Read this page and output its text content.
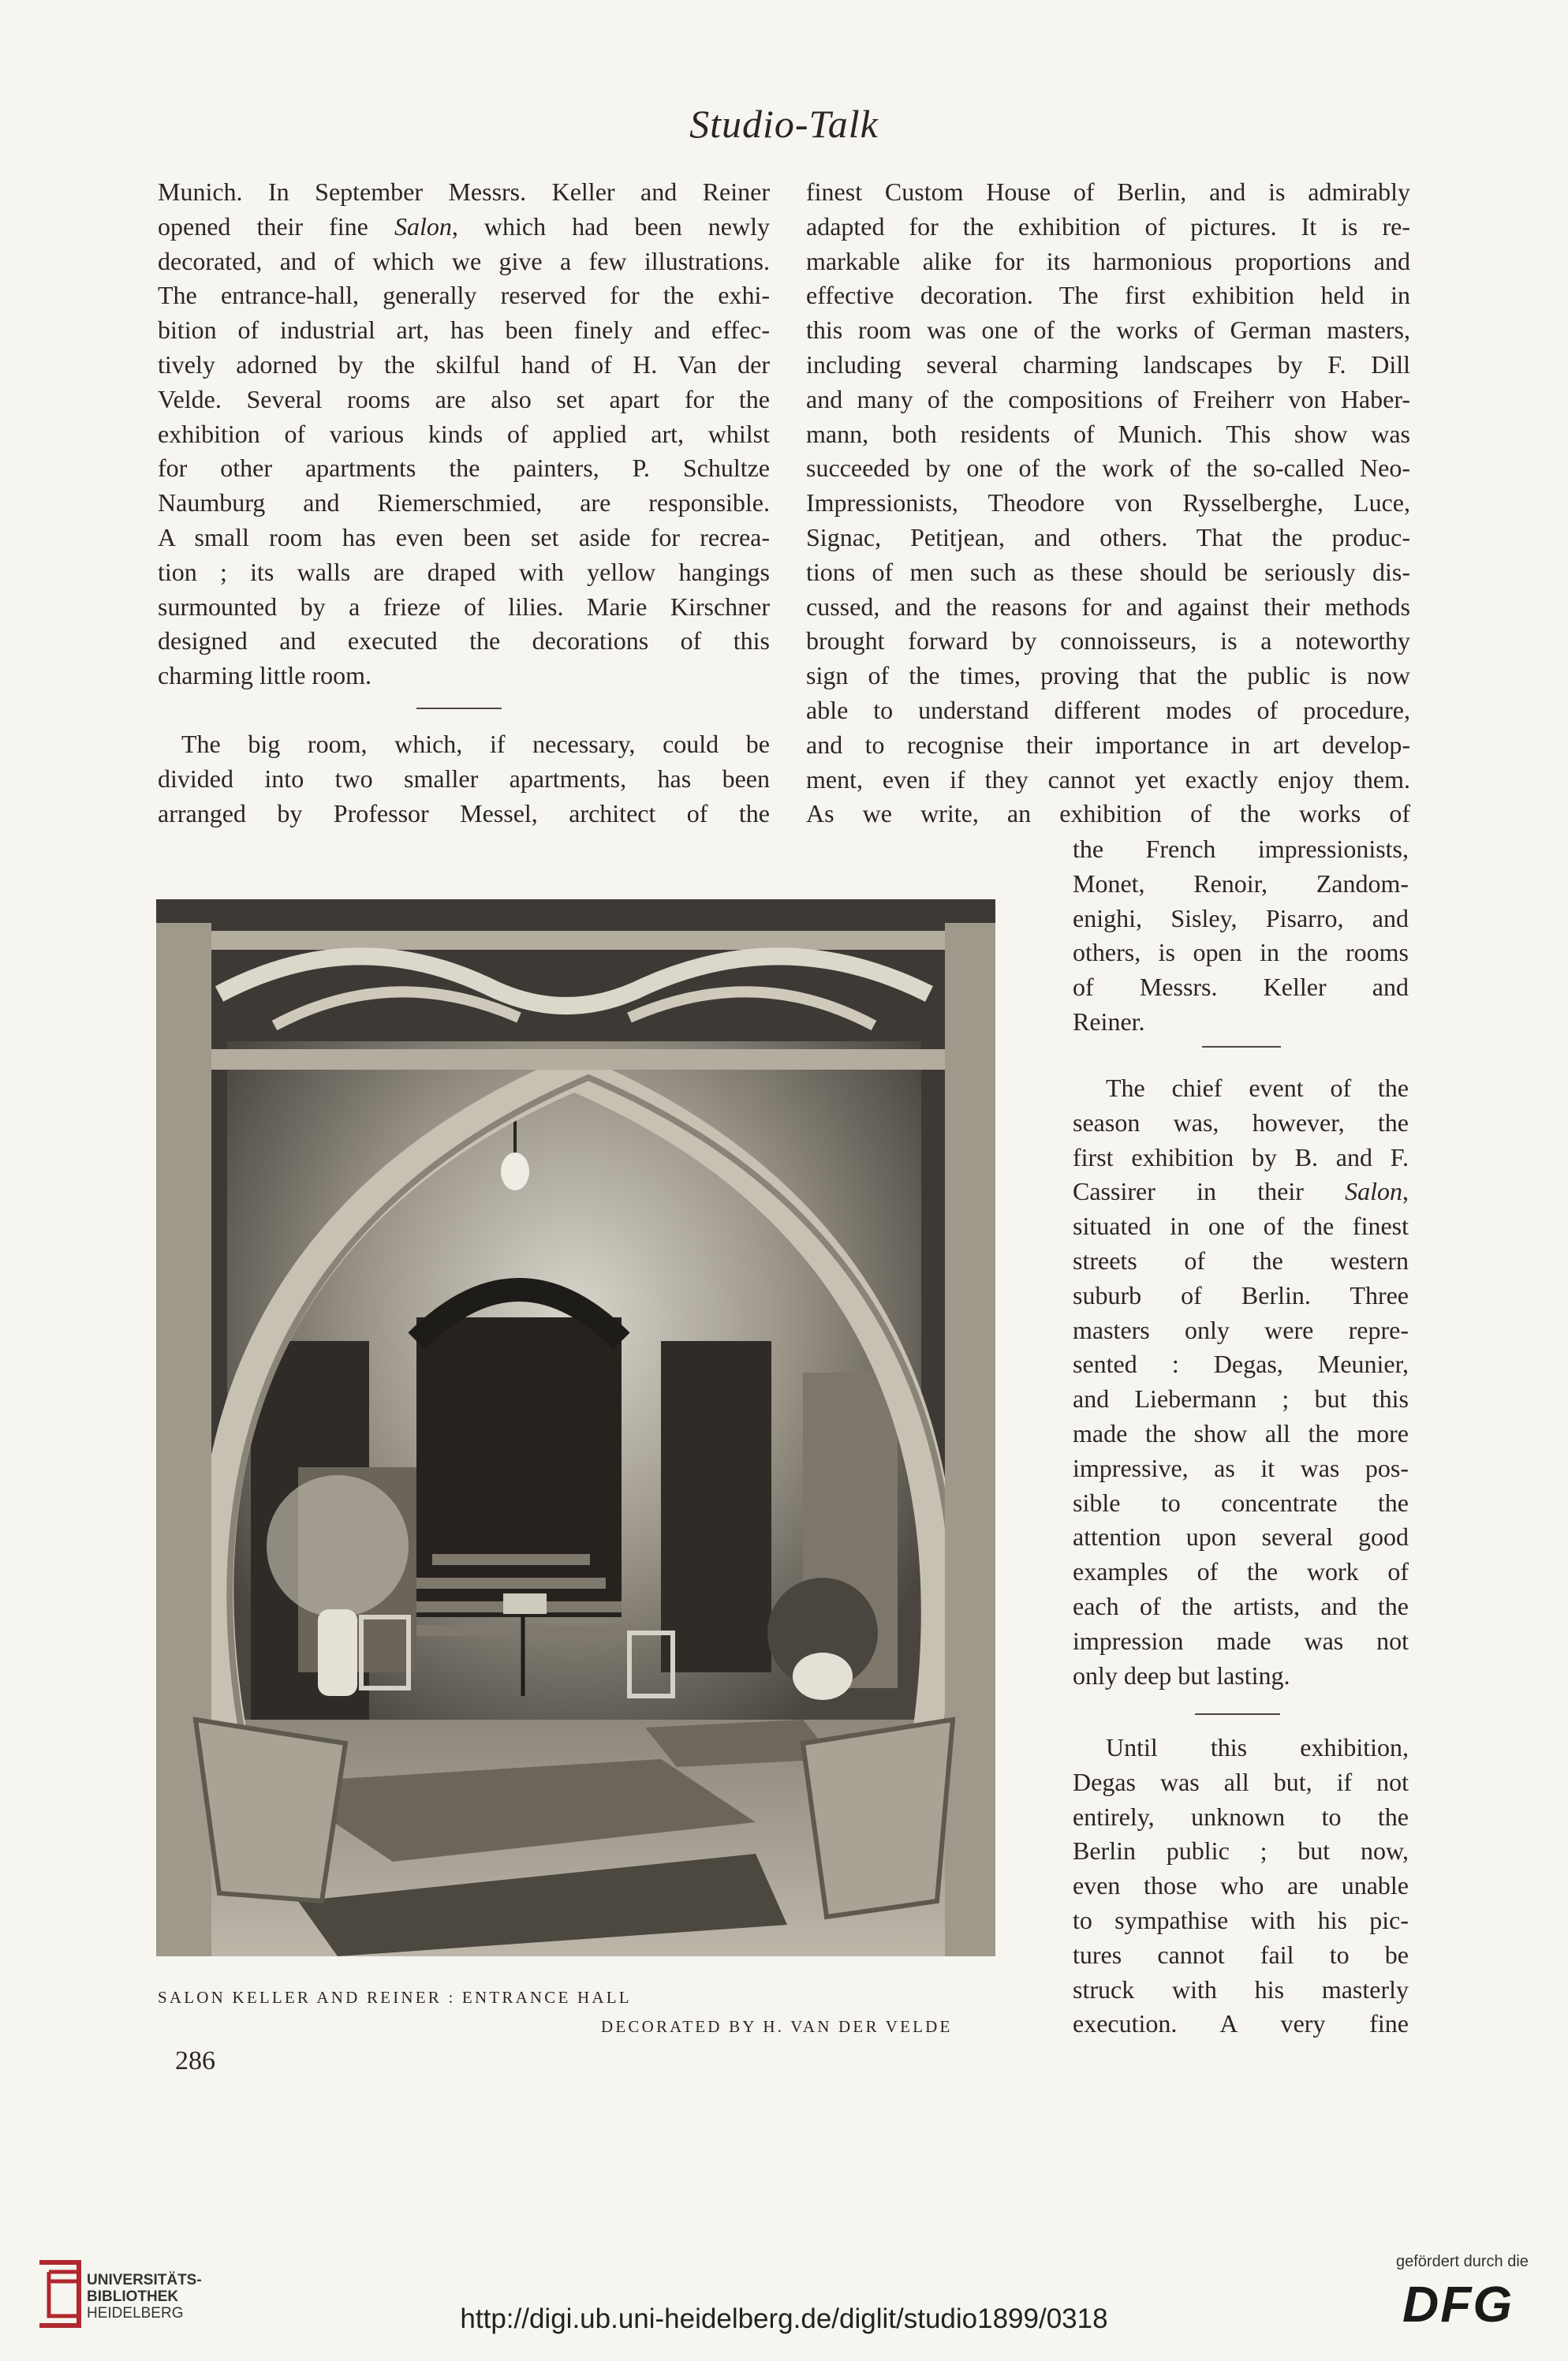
Studio-Talk

Munich. In September Messrs. Keller and Reiner

opened their fine Salon, which had been newly

decorated, and of which we give a few illustrations.

The entrance-hall, generally reserved for the exhi-

bition of industrial art, has been finely and effec-

tively adorned by the skilful hand of H. Van der

Velde. Several rooms are also set apart for the

exhibition of various kinds of applied art, whilst

for other apartments the painters, P. Schultze

Naumburg and Riemerschmied, are responsible.

A small room has even been set aside for recrea-

tion ; its walls are draped with yellow hangings

surmounted by a frieze of lilies. Marie Kirschner

designed and executed the decorations of this

charming little room.

The big room, which, if necessary, could be

divided into two smaller apartments, has been

arranged by Professor Messel, architect of the

finest Custom House of Berlin, and is admirably

adapted for the exhibition of pictures. It is re-

markable alike for its harmonious proportions and

effective decoration. The first exhibition held in

this room was one of the works of German masters,

including several charming landscapes by F. Dill

and many of the compositions of Freiherr von Haber-

mann, both residents of Munich. This show was

succeeded by one of the work of the so-called Neo-

Impressionists, Theodore von Rysselberghe, Luce,

Signac, Petitjean, and others. That the produc-

tions of men such as these should be seriously dis-

cussed, and the reasons for and against their methods

brought forward by connoisseurs, is a noteworthy

sign of the times, proving that the public is now

able to understand different modes of procedure,

and to recognise their importance in art develop-

ment, even if they cannot yet exactly enjoy them.

As we write, an exhibition of the works of

the French impressionists,

Monet, Renoir, Zandom-

enighi, Sisley, Pisarro, and

others, is open in the rooms

of Messrs. Keller and

Reiner.

The chief event of the

season was, however, the

first exhibition by B. and F.

Cassirer in their Salon,

situated in one of the finest

streets of the western

suburb of Berlin. Three

masters only were repre-

sented : Degas, Meunier,

and Liebermann ; but this

made the show all the more

impressive, as it was pos-

sible to concentrate the

attention upon several good

examples of the work of

each of the artists, and the

impression made was not

only deep but lasting.

Until this exhibition,

Degas was all but, if not

entirely, unknown to the

Berlin public ; but now,

even those who are unable

to sympathise with his pic-

tures cannot fail to be

struck with his masterly

execution. A very fine

SALON KELLER AND REINER : ENTRANCE HALL
DECORATED BY H. VAN DER VELDE
286
UNIVERSITÄTS-
BIBLIOTHEK
HEIDELBERG	http://digi.ub.uni-heidelberg.de/diglit/studio1899/0318
gefördert durch die
DFG
